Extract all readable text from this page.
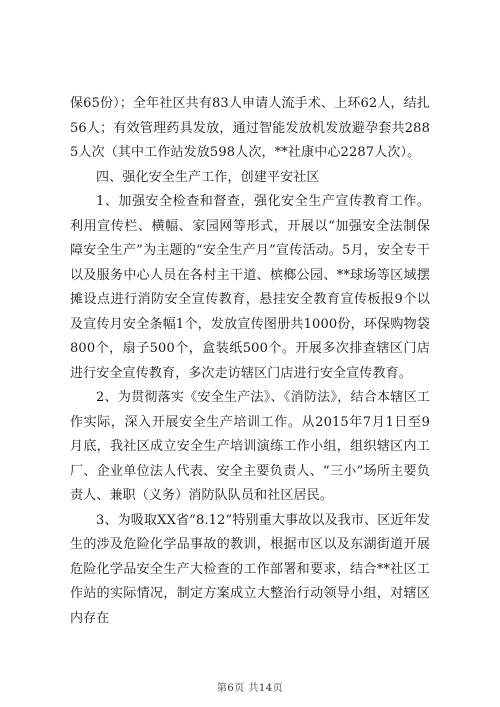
保65份）；全年社区共有83人申请人流手术、上环62人，结扎56人；有效管理药具发放，通过智能发放机发放避孕套共2885人次（其中工作站发放598人次，**社康中心2287人次）。

四、强化安全生产工作，创建平安社区

1、加强安全检查和督查，强化安全生产宣传教育工作。利用宣传栏、横幅、家园网等形式，开展以“加强安全法制保障安全生产”为主题的“安全生产月”宣传活动。5月，安全专干以及服务中心人员在各村主干道、槟榔公园、**球场等区域摆摊设点进行消防安全宣传教育，悬挂安全教育宣传板报9个以及宣传月安全条幅1个，发放宣传图册共1000份，环保购物袋800个，扇子500个，盒装纸500个。开展多次排查辖区门店进行安全宣传教育，多次走访辖区门店进行安全宣传教育。

2、为贯彻落实《安全生产法》、《消防法》，结合本辖区工作实际，深入开展安全生产培训工作。从2015年7月1日至9月底，我社区成立安全生产培训演练工作小组，组织辖区内工厂、企业单位法人代表、安全主要负责人、“三小”场所主要负责人、兼职（义务）消防队队员和社区居民。

3、为吸取XX省“8.12”特别重大事故以及我市、区近年发生的涉及危险化学品事故的教训，根据市区以及东湖街道开展危险化学品安全生产大检查的工作部署和要求，结合**社区工作站的实际情况，制定方案成立大整治行动领导小组，对辖区内存在

第6页 共14页
